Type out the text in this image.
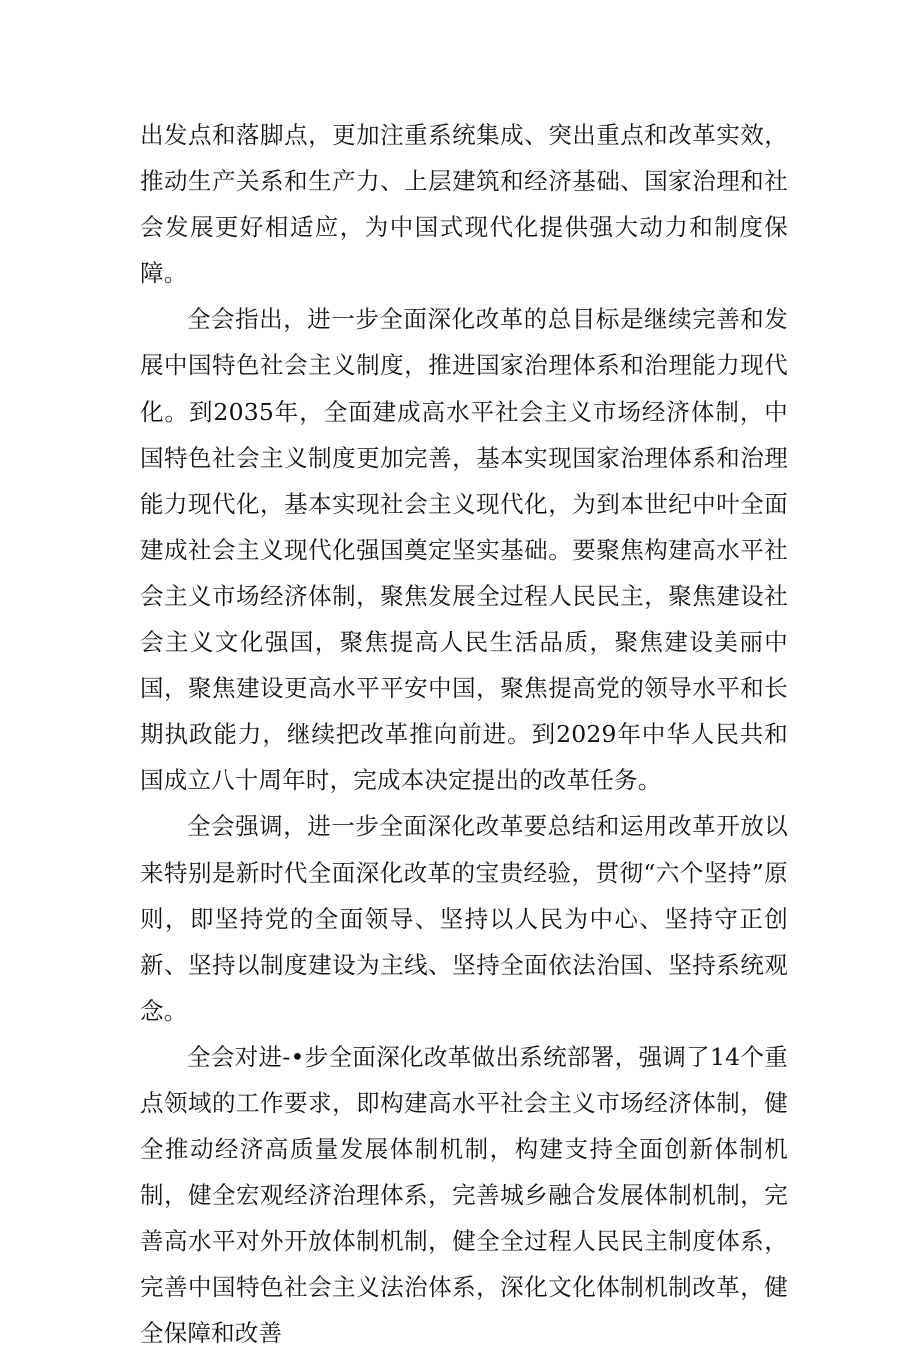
出发点和落脚点，更加注重系统集成、突出重点和改革实效，推动生产关系和生产力、上层建筑和经济基础、国家治理和社会发展更好相适应，为中国式现代化提供强大动力和制度保障。

全会指出，进一步全面深化改革的总目标是继续完善和发展中国特色社会主义制度，推进国家治理体系和治理能力现代化。到2035年，全面建成高水平社会主义市场经济体制，中国特色社会主义制度更加完善，基本实现国家治理体系和治理能力现代化，基本实现社会主义现代化，为到本世纪中叶全面建成社会主义现代化强国奠定坚实基础。要聚焦构建高水平社会主义市场经济体制，聚焦发展全过程人民民主，聚焦建设社会主义文化强国，聚焦提高人民生活品质，聚焦建设美丽中国，聚焦建设更高水平平安中国，聚焦提高党的领导水平和长期执政能力，继续把改革推向前进。到2029年中华人民共和国成立八十周年时，完成本决定提出的改革任务。

全会强调，进一步全面深化改革要总结和运用改革开放以来特别是新时代全面深化改革的宝贵经验，贯彻“六个坚持”原则，即坚持党的全面领导、坚持以人民为中心、坚持守正创新、坚持以制度建设为主线、坚持全面依法治国、坚持系统观念。

全会对进-•步全面深化改革做出系统部署，强调了14个重点领域的工作要求，即构建高水平社会主义市场经济体制，健全推动经济高质量发展体制机制，构建支持全面创新体制机制，健全宏观经济治理体系，完善城乡融合发展体制机制，完善高水平对外开放体制机制，健全全过程人民民主制度体系，完善中国特色社会主义法治体系，深化文化体制机制改革，健全保障和改善
